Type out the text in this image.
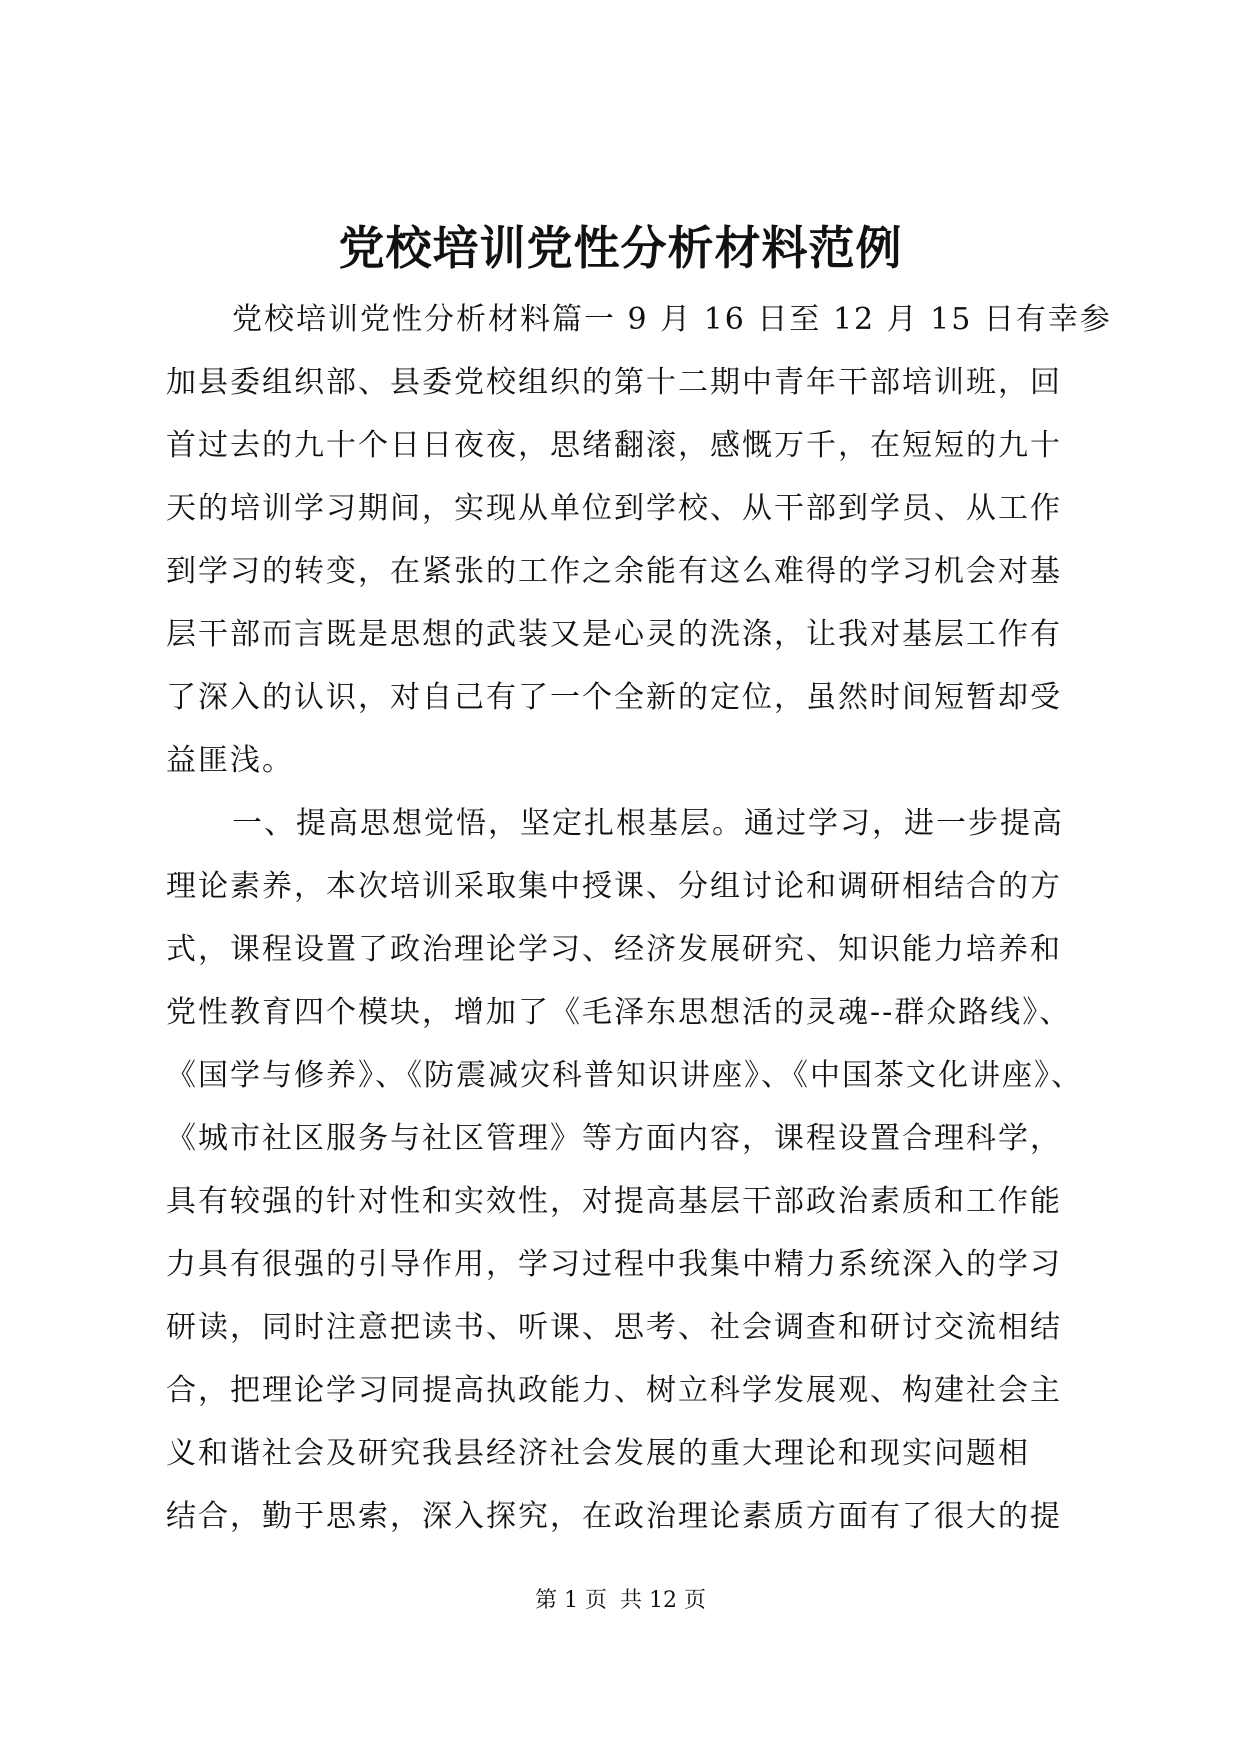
党校培训党性分析材料范例
党校培训党性分析材料篇一 9 月 16 日至 12 月 15 日有幸参
加县委组织部、县委党校组织的第十二期中青年干部培训班，回
首过去的九十个日日夜夜，思绪翻滚，感慨万千，在短短的九十
天的培训学习期间，实现从单位到学校、从干部到学员、从工作
到学习的转变，在紧张的工作之余能有这么难得的学习机会对基
层干部而言既是思想的武装又是心灵的洗涤，让我对基层工作有
了深入的认识，对自己有了一个全新的定位，虽然时间短暂却受
益匪浅。
一、提高思想觉悟，坚定扎根基层。通过学习，进一步提高
理论素养，本次培训采取集中授课、分组讨论和调研相结合的方
式，课程设置了政治理论学习、经济发展研究、知识能力培养和
党性教育四个模块，增加了《毛泽东思想活的灵魂--群众路线》、
《国学与修养》、《防震减灾科普知识讲座》、《中国茶文化讲座》、
《城市社区服务与社区管理》等方面内容，课程设置合理科学，
具有较强的针对性和实效性，对提高基层干部政治素质和工作能
力具有很强的引导作用，学习过程中我集中精力系统深入的学习
研读，同时注意把读书、听课、思考、社会调查和研讨交流相结
合，把理论学习同提高执政能力、树立科学发展观、构建社会主
义和谐社会及研究我县经济社会发展的重大理论和现实问题相
结合，勤于思索，深入探究，在政治理论素质方面有了很大的提
第 1 页 共 12 页
